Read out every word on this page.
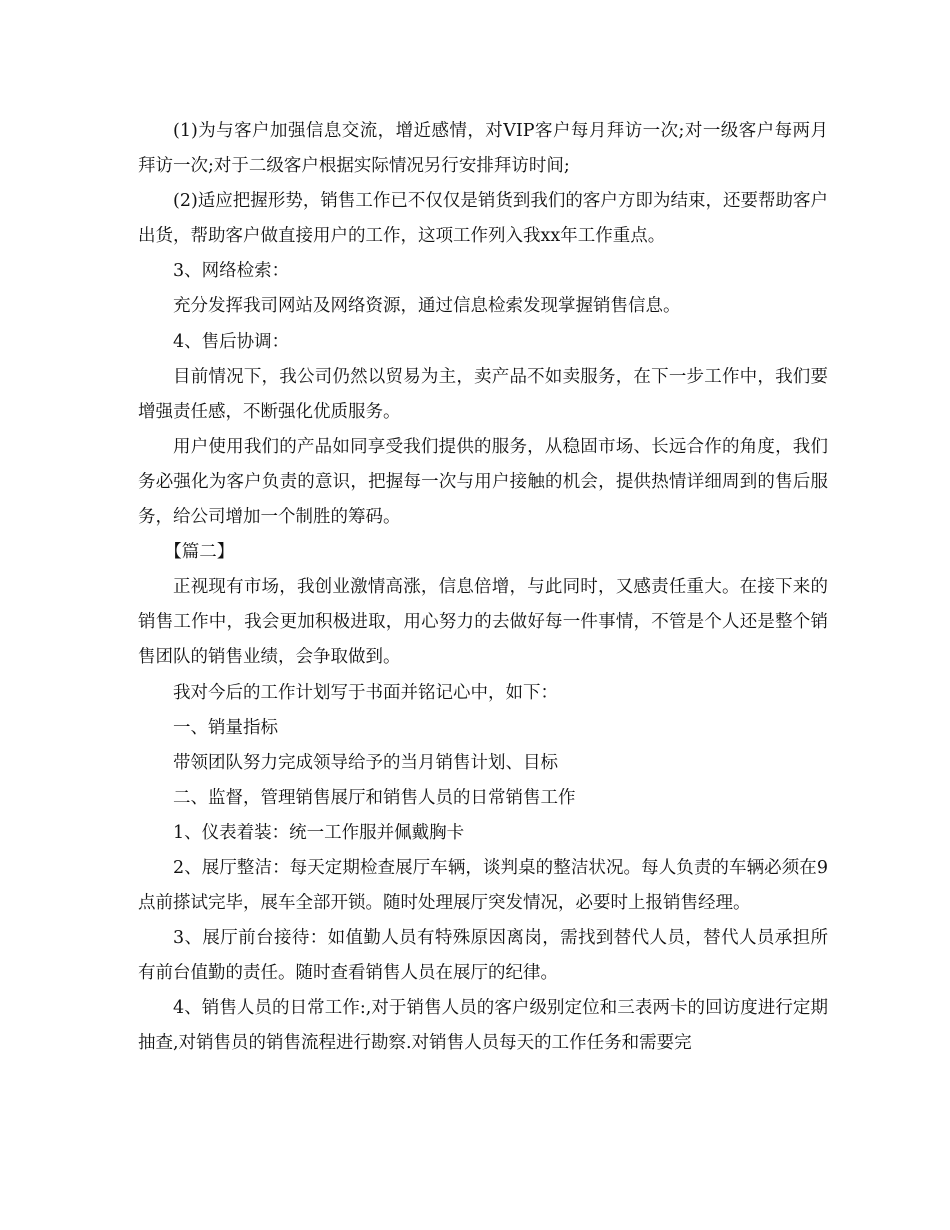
(1)为与客户加强信息交流，增近感情，对VIP客户每月拜访一次;对一级客户每两月拜访一次;对于二级客户根据实际情况另行安排拜访时间;

(2)适应把握形势，销售工作已不仅仅是销货到我们的客户方即为结束，还要帮助客户出货，帮助客户做直接用户的工作，这项工作列入我xx年工作重点。

3、网络检索：

充分发挥我司网站及网络资源，通过信息检索发现掌握销售信息。

4、售后协调：

目前情况下，我公司仍然以贸易为主，卖产品不如卖服务，在下一步工作中，我们要增强责任感，不断强化优质服务。

用户使用我们的产品如同享受我们提供的服务，从稳固市场、长远合作的角度，我们务必强化为客户负责的意识，把握每一次与用户接触的机会，提供热情详细周到的售后服务，给公司增加一个制胜的筹码。

【篇二】

正视现有市场，我创业激情高涨，信息倍增，与此同时，又感责任重大。在接下来的销售工作中，我会更加积极进取，用心努力的去做好每一件事情，不管是个人还是整个销售团队的销售业绩，会争取做到。

我对今后的工作计划写于书面并铭记心中，如下：

一、销量指标

带领团队努力完成领导给予的当月销售计划、目标

二、监督，管理销售展厅和销售人员的日常销售工作

1、仪表着装：统一工作服并佩戴胸卡

2、展厅整洁：每天定期检查展厅车辆，谈判桌的整洁状况。每人负责的车辆必须在9点前搽试完毕，展车全部开锁。随时处理展厅突发情况，必要时上报销售经理。

3、展厅前台接待：如值勤人员有特殊原因离岗，需找到替代人员，替代人员承担所有前台值勤的责任。随时查看销售人员在展厅的纪律。

4、销售人员的日常工作:,对于销售人员的客户级别定位和三表两卡的回访度进行定期抽查,对销售员的销售流程进行勘察.对销售人员每天的工作任务和需要完
